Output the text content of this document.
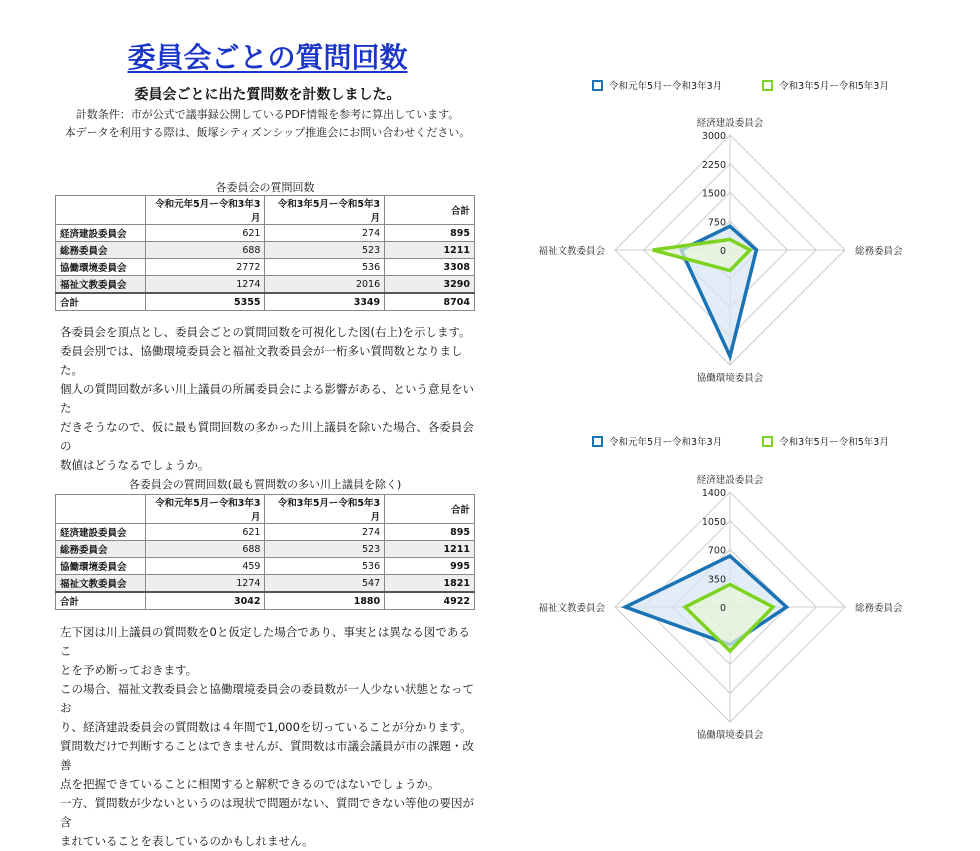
委員会ごとの質問回数
委員会ごとに出た質問数を計数しました。
計数条件：市が公式で議事録公開しているPDF情報を参考に算出しています。
本データを利用する際は、飯塚シティズンシップ推進会にお問い合わせください。
各委員会の質問回数
	令和元年5月ー令和3年3月	令和3年5月ー令和5年3月	合計
経済建設委員会	621	274	895
総務委員会	688	523	1211
協働環境委員会	2772	536	3308
福祉文教委員会	1274	2016	3290
合計	5355	3349	8704
各委員会を頂点とし、委員会ごとの質問回数を可視化した図(右上)を示します。
委員会別では、協働環境委員会と福祉文教委員会が一桁多い質問数となりました。
個人の質問回数が多い川上議員の所属委員会による影響がある、という意見をいた
だきそうなので、仮に最も質問回数の多かった川上議員を除いた場合、各委員会の
数値はどうなるでしょうか。
各委員会の質問回数(最も質問数の多い川上議員を除く)
	令和元年5月ー令和3年3月	令和3年5月ー令和5年3月	合計
経済建設委員会	621	274	895
総務委員会	688	523	1211
協働環境委員会	459	536	995
福祉文教委員会	1274	547	1821
合計	3042	1880	4922
左下図は川上議員の質問数を0と仮定した場合であり、事実とは異なる図であるこ
とを予め断っておきます。
この場合、福祉文教委員会と協働環境委員会の委員数が一人少ない状態となってお
り、経済建設委員会の質問数は４年間で1,000を切っていることが分かります。
質問数だけで判断することはできませんが、質問数は市議会議員が市の課題・改善
点を把握できていることに相関すると解釈できるのではないでしょうか。
一方、質問数が少ないというのは現状で問題がない、質問できない等他の要因が含
まれていることを表しているのかもしれません。
令和元年5月ー令和3年3月	令和3年5月ー令和5年3月
0
750
1500
2250
3000
経済建設委員会
総務委員会
協働環境委員会
福祉文教委員会
令和元年5月ー令和3年3月	令和3年5月ー令和5年3月
0
350
700
1050
1400
経済建設委員会
総務委員会
協働環境委員会
福祉文教委員会
